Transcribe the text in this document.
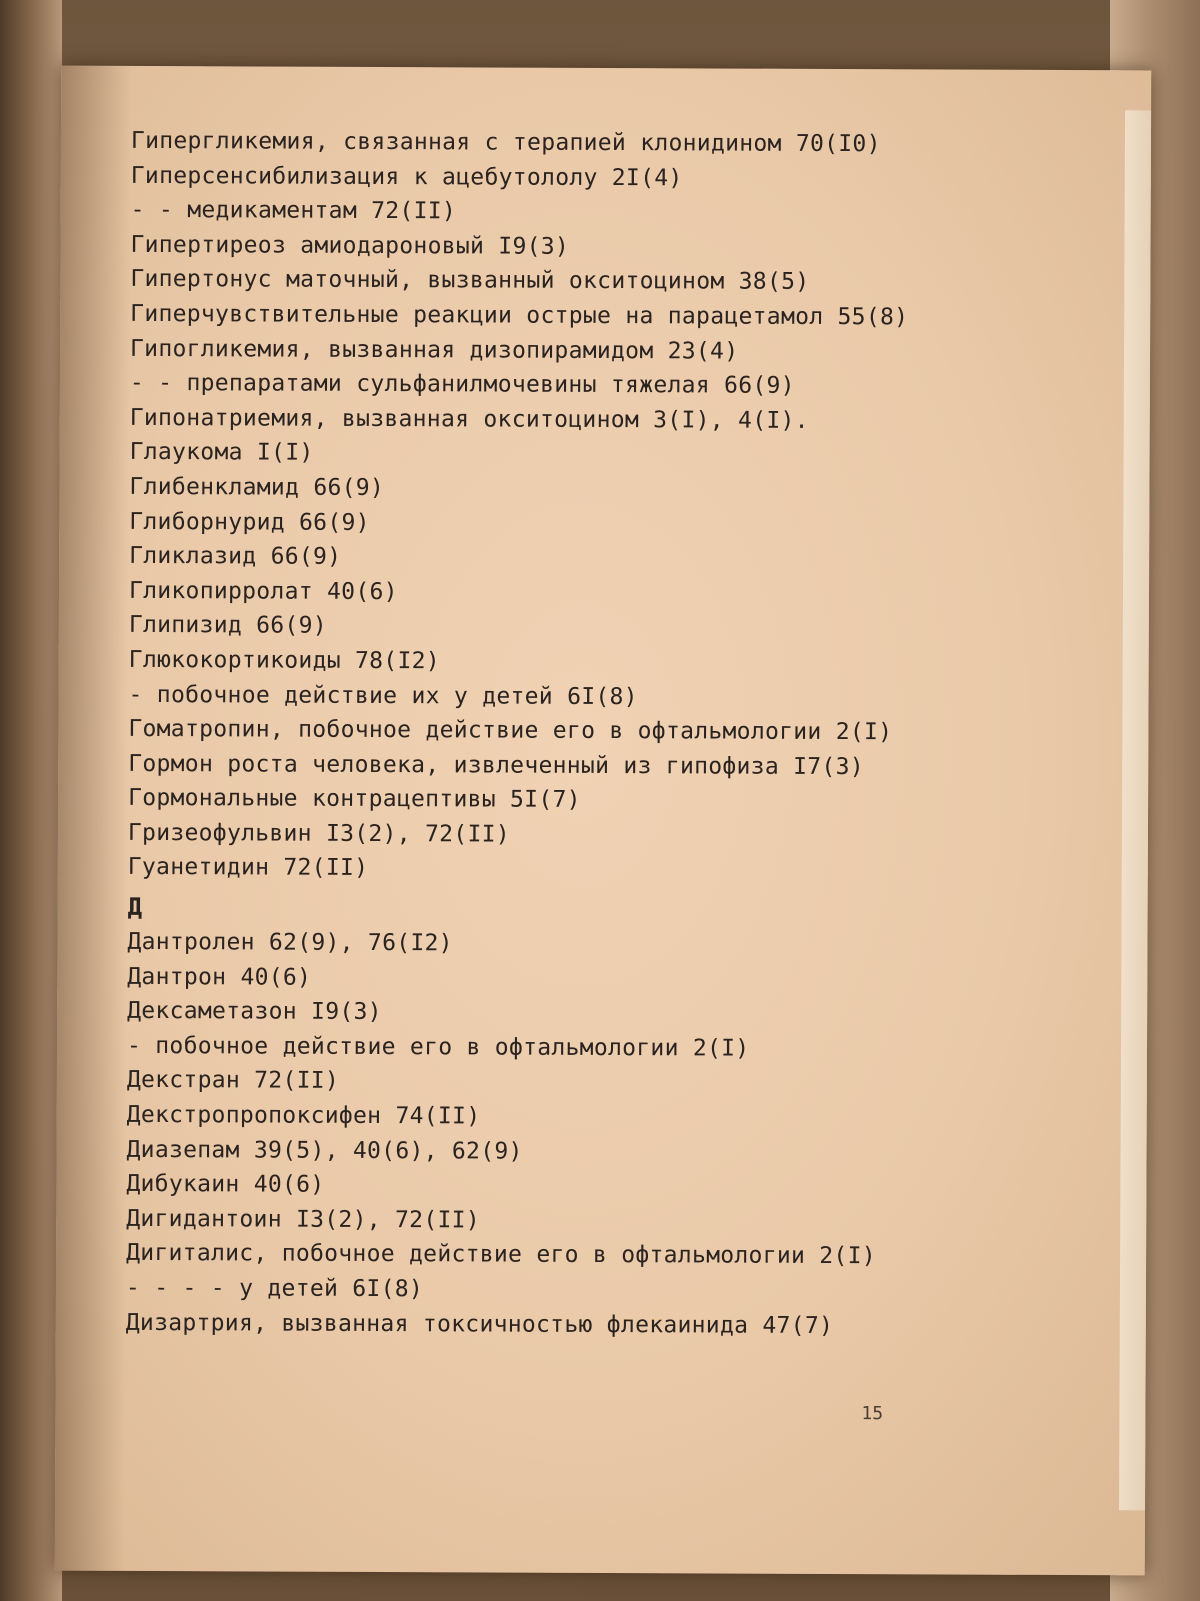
Гипергликемия, связанная с терапией клонидином 70(I0)
Гиперсенсибилизация к ацебутололу 2I(4)
- - медикаментам 72(II)
Гипертиреоз амиодароновый I9(3)
Гипертонус маточный, вызванный окситоцином 38(5)
Гиперчувствительные реакции острые на парацетамол 55(8)
Гипогликемия, вызванная дизопирамидом 23(4)
- - препаратами сульфанилмочевины тяжелая 66(9)
Гипонатриемия, вызванная окситоцином 3(I), 4(I).
Глаукома I(I)
Глибенкламид 66(9)
Глиборнурид 66(9)
Гликлазид 66(9)
Гликопирролат 40(6)
Глипизид 66(9)
Глюкокортикоиды 78(I2)
- побочное действие их у детей 6I(8)
Гоматропин, побочное действие его в офтальмологии 2(I)
Гормон роста человека, извлеченный из гипофиза I7(3)
Гормональные контрацептивы 5I(7)
Гризеофульвин I3(2), 72(II)
Гуанетидин 72(II)
Д
Дантролен 62(9), 76(I2)
Дантрон 40(6)
Дексаметазон I9(3)
- побочное действие его в офтальмологии 2(I)
Декстран 72(II)
Декстропропоксифен 74(II)
Диазепам 39(5), 40(6), 62(9)
Дибукаин 40(6)
Дигидантоин I3(2), 72(II)
Дигиталис, побочное действие его в офтальмологии 2(I)
- - - - у детей 6I(8)
Дизартрия, вызванная токсичностью флекаинида 47(7)
15
